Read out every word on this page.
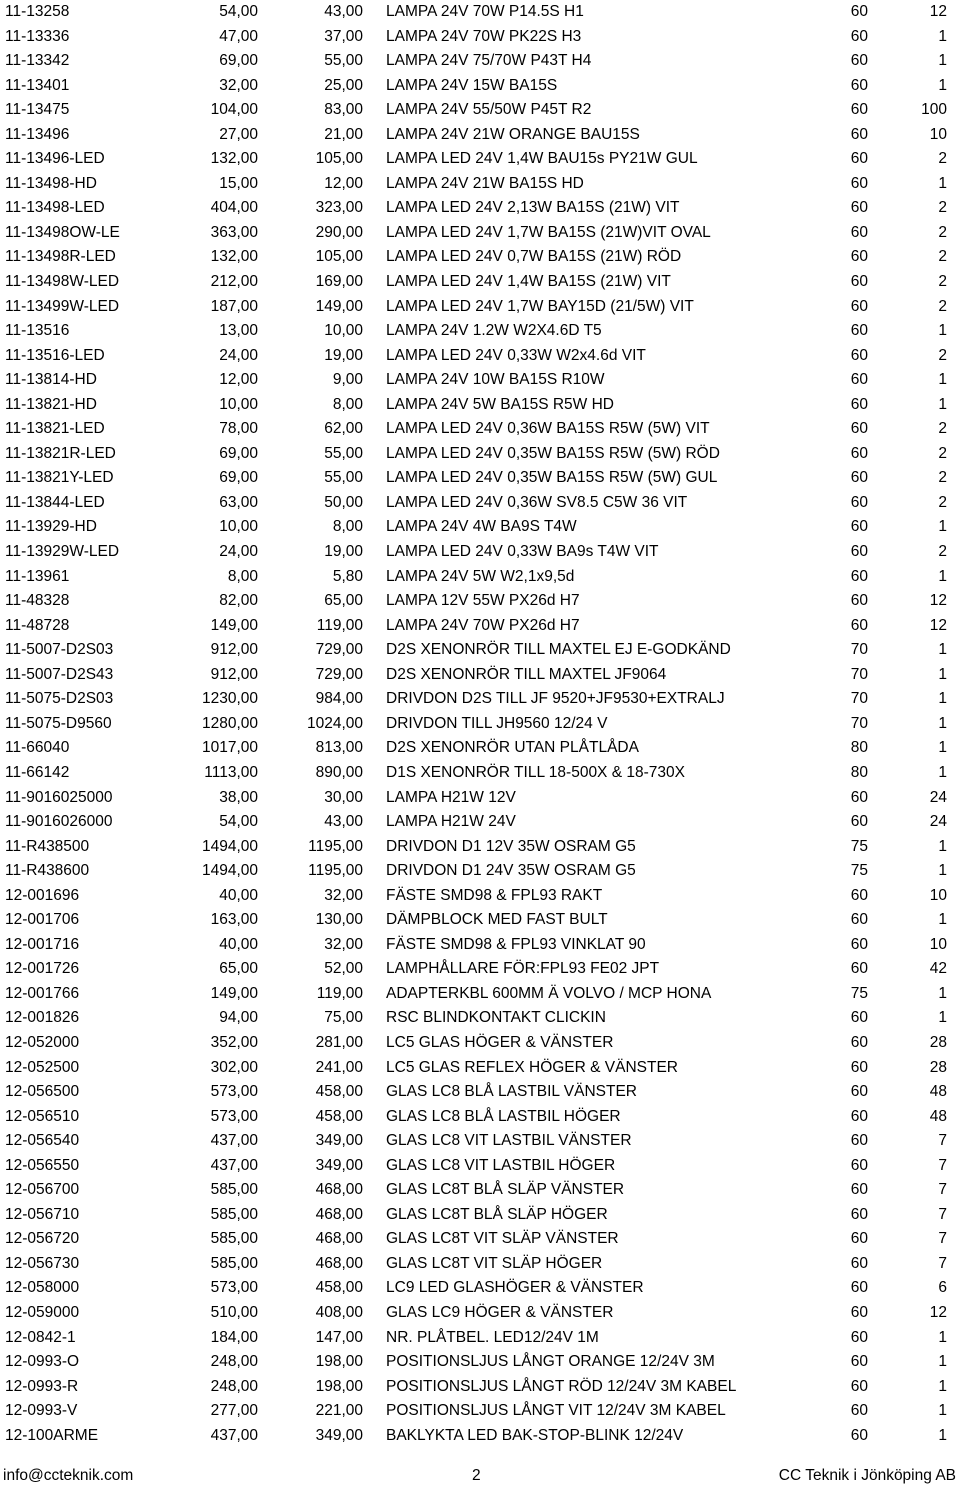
11-13258	54,00	43,00 LAMPA 24V 70W P14.5S H1	60	12
11-13336	47,00	37,00 LAMPA 24V 70W PK22S H3	60	1
11-13342	69,00	55,00 LAMPA 24V 75/70W P43T H4	60	1
11-13401	32,00	25,00 LAMPA 24V 15W BA15S	60	1
11-13475	104,00	83,00 LAMPA 24V 55/50W P45T R2	60	100
11-13496	27,00	21,00 LAMPA 24V 21W ORANGE BAU15S	60	10
11-13496-LED	132,00	105,00 LAMPA LED 24V 1,4W BAU15s PY21W GUL	60	2
11-13498-HD	15,00	12,00 LAMPA 24V 21W BA15S HD	60	1
11-13498-LED	404,00	323,00 LAMPA LED 24V 2,13W BA15S (21W) VIT	60	2
11-13498OW-LE	363,00	290,00 LAMPA LED 24V 1,7W BA15S (21W)VIT OVAL	60	2
11-13498R-LED	132,00	105,00 LAMPA LED 24V 0,7W BA15S (21W) RÖD	60	2
11-13498W-LED	212,00	169,00 LAMPA LED 24V 1,4W BA15S (21W) VIT	60	2
11-13499W-LED	187,00	149,00 LAMPA LED 24V 1,7W BAY15D (21/5W) VIT	60	2
11-13516	13,00	10,00 LAMPA 24V 1.2W W2X4.6D T5	60	1
11-13516-LED	24,00	19,00 LAMPA LED 24V 0,33W W2x4.6d VIT	60	2
11-13814-HD	12,00	9,00 LAMPA 24V 10W BA15S R10W	60	1
11-13821-HD	10,00	8,00 LAMPA 24V 5W BA15S R5W HD	60	1
11-13821-LED	78,00	62,00 LAMPA LED 24V 0,36W BA15S R5W (5W) VIT	60	2
11-13821R-LED	69,00	55,00 LAMPA LED 24V 0,35W BA15S R5W (5W) RÖD	60	2
11-13821Y-LED	69,00	55,00 LAMPA LED 24V 0,35W BA15S R5W (5W) GUL	60	2
11-13844-LED	63,00	50,00 LAMPA LED 24V 0,36W SV8.5 C5W 36 VIT	60	2
11-13929-HD	10,00	8,00 LAMPA 24V 4W BA9S T4W	60	1
11-13929W-LED	24,00	19,00 LAMPA LED 24V 0,33W BA9s T4W VIT	60	2
11-13961	8,00	5,80 LAMPA 24V 5W W2,1x9,5d	60	1
11-48328	82,00	65,00 LAMPA 12V 55W PX26d H7	60	12
11-48728	149,00	119,00 LAMPA 24V 70W PX26d H7	60	12
11-5007-D2S03	912,00	729,00 D2S XENONRÖR TILL MAXTEL EJ E-GODKÄND	70	1
11-5007-D2S43	912,00	729,00 D2S XENONRÖR TILL MAXTEL JF9064	70	1
11-5075-D2S03	1230,00	984,00 DRIVDON D2S TILL JF 9520+JF9530+EXTRALJ	70	1
11-5075-D9560	1280,00	1024,00 DRIVDON TILL JH9560 12/24 V	70	1
11-66040	1017,00	813,00 D2S XENONRÖR UTAN PLÅTLÅDA	80	1
11-66142	1113,00	890,00 D1S XENONRÖR TILL 18-500X & 18-730X	80	1
11-9016025000	38,00	30,00 LAMPA H21W 12V	60	24
11-9016026000	54,00	43,00 LAMPA H21W 24V	60	24
11-R438500	1494,00	1195,00 DRIVDON D1 12V 35W OSRAM G5	75	1
11-R438600	1494,00	1195,00 DRIVDON D1 24V 35W OSRAM G5	75	1
12-001696	40,00	32,00 FÄSTE SMD98 & FPL93 RAKT	60	10
12-001706	163,00	130,00 DÄMPBLOCK MED FAST BULT	60	1
12-001716	40,00	32,00 FÄSTE SMD98 & FPL93 VINKLAT 90	60	10
12-001726	65,00	52,00 LAMPHÅLLARE FÖR:FPL93 FE02 JPT	60	42
12-001766	149,00	119,00 ADAPTERKBL 600MM Ä VOLVO / MCP HONA	75	1
12-001826	94,00	75,00 RSC BLINDKONTAKT CLICKIN	60	1
12-052000	352,00	281,00 LC5 GLAS HÖGER & VÄNSTER	60	28
12-052500	302,00	241,00 LC5 GLAS REFLEX HÖGER & VÄNSTER	60	28
12-056500	573,00	458,00 GLAS LC8 BLÅ LASTBIL VÄNSTER	60	48
12-056510	573,00	458,00 GLAS LC8 BLÅ LASTBIL HÖGER	60	48
12-056540	437,00	349,00 GLAS LC8 VIT LASTBIL VÄNSTER	60	7
12-056550	437,00	349,00 GLAS LC8 VIT LASTBIL HÖGER	60	7
12-056700	585,00	468,00 GLAS LC8T BLÅ SLÄP VÄNSTER	60	7
12-056710	585,00	468,00 GLAS LC8T BLÅ SLÄP HÖGER	60	7
12-056720	585,00	468,00 GLAS LC8T VIT SLÄP VÄNSTER	60	7
12-056730	585,00	468,00 GLAS LC8T VIT SLÄP HÖGER	60	7
12-058000	573,00	458,00 LC9 LED GLASHÖGER & VÄNSTER	60	6
12-059000	510,00	408,00 GLAS LC9 HÖGER & VÄNSTER	60	12
12-0842-1	184,00	147,00 NR. PLÅTBEL. LED12/24V 1M	60	1
12-0993-O	248,00	198,00 POSITIONSLJUS LÅNGT ORANGE 12/24V 3M	60	1
12-0993-R	248,00	198,00 POSITIONSLJUS LÅNGT RÖD 12/24V 3M KABEL	60	1
12-0993-V	277,00	221,00 POSITIONSLJUS LÅNGT VIT 12/24V 3M KABEL	60	1
12-100ARME	437,00	349,00 BAKLYKTA LED BAK-STOP-BLINK 12/24V	60	1
info@ccteknik.com	2	CC Teknik i Jönköping AB
